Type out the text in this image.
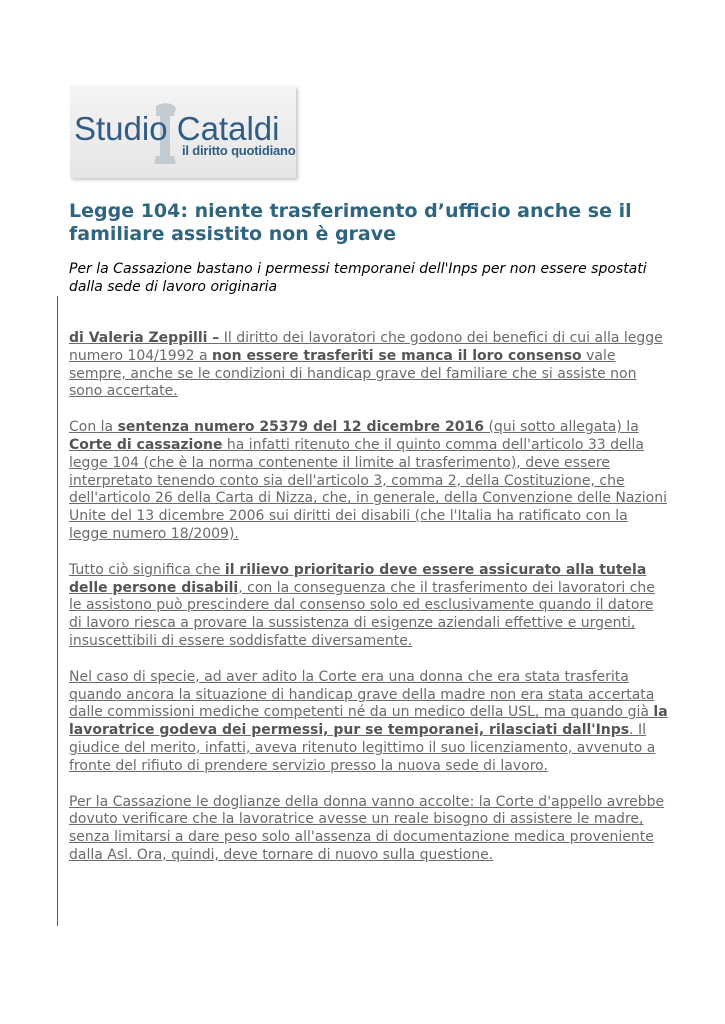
Studio Cataldi
il diritto quotidiano
Legge 104: niente trasferimento d’ufficio anche se il familiare assistito non è grave

Per la Cassazione bastano i permessi temporanei dell'Inps per non essere spostati dalla sede di lavoro originaria

di Valeria Zeppilli – Il diritto dei lavoratori che godono dei benefici di cui alla legge numero 104/1992 a non essere trasferiti se manca il loro consenso vale sempre, anche se le condizioni di handicap grave del familiare che si assiste non sono accertate.

Con la sentenza numero 25379 del 12 dicembre 2016 (qui sotto allegata) la Corte di cassazione ha infatti ritenuto che il quinto comma dell'articolo 33 della legge 104 (che è la norma contenente il limite al trasferimento), deve essere interpretato tenendo conto sia dell'articolo 3, comma 2, della Costituzione, che dell'articolo 26 della Carta di Nizza, che, in generale, della Convenzione delle Nazioni Unite del 13 dicembre 2006 sui diritti dei disabili (che l'Italia ha ratificato con la legge numero 18/2009).

Tutto ciò significa che il rilievo prioritario deve essere assicurato alla tutela delle persone disabili, con la conseguenza che il trasferimento dei lavoratori che le assistono può prescindere dal consenso solo ed esclusivamente quando il datore di lavoro riesca a provare la sussistenza di esigenze aziendali effettive e urgenti, insuscettibili di essere soddisfatte diversamente.

Nel caso di specie, ad aver adito la Corte era una donna che era stata trasferita quando ancora la situazione di handicap grave della madre non era stata accertata dalle commissioni mediche competenti né da un medico della USL, ma quando già la lavoratrice godeva dei permessi, pur se temporanei, rilasciati dall'Inps. Il giudice del merito, infatti, aveva ritenuto legittimo il suo licenziamento, avvenuto a fronte del rifiuto di prendere servizio presso la nuova sede di lavoro.

Per la Cassazione le doglianze della donna vanno accolte: la Corte d'appello avrebbe dovuto verificare che la lavoratrice avesse un reale bisogno di assistere le madre, senza limitarsi a dare peso solo all'assenza di documentazione medica proveniente dalla Asl. Ora, quindi, deve tornare di nuovo sulla questione.
